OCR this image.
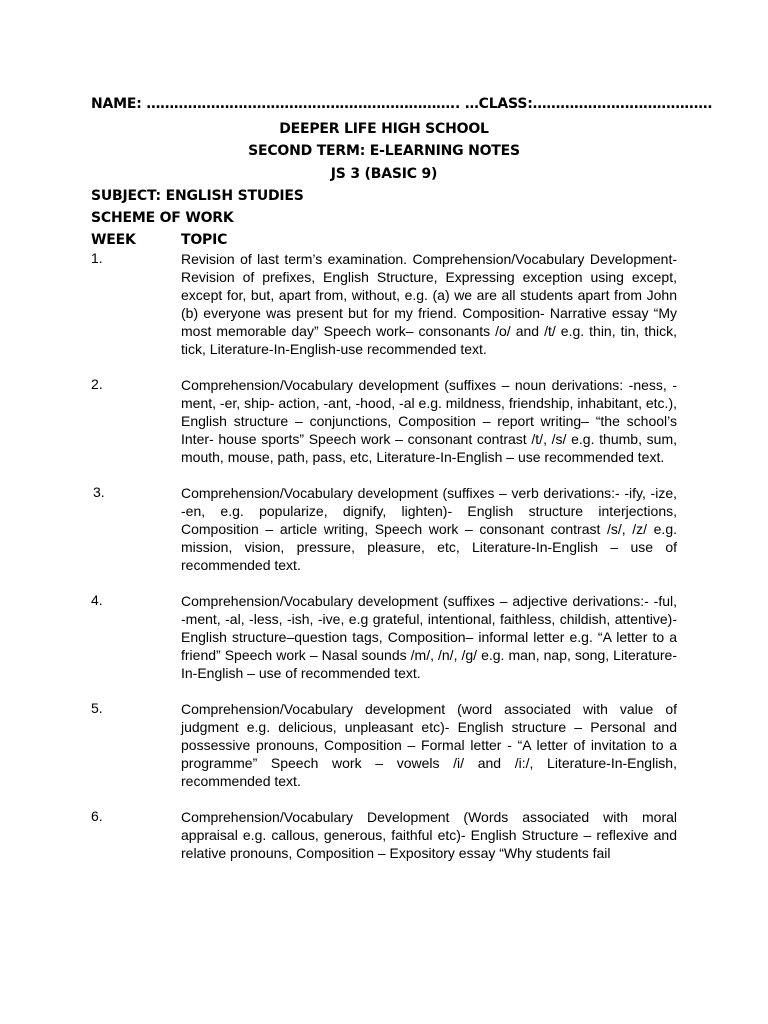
NAME: ………………………………………………………….. …CLASS:…………………………………
DEEPER LIFE HIGH SCHOOL
SECOND TERM: E-LEARNING NOTES
JS 3 (BASIC 9)
SUBJECT: ENGLISH STUDIES
SCHEME OF WORK
WEEK	TOPIC
1.	Revision of last term’s examination. Comprehension/Vocabulary Development- Revision of prefixes, English Structure, Expressing exception using except, except for, but, apart from, without, e.g. (a) we are all students apart from John (b) everyone was present but for my friend. Composition- Narrative essay “My most memorable day” Speech work– consonants /o/ and /t/ e.g. thin, tin, thick, tick, Literature-In-English-use recommended text.
2.	Comprehension/Vocabulary development (suffixes – noun derivations: -ness, -ment, -er, ship- action, -ant, -hood, -al e.g. mildness, friendship, inhabitant, etc.), English structure – conjunctions, Composition – report writing– “the school’s Inter- house sports” Speech work – consonant contrast /t/, /s/ e.g. thumb, sum, mouth, mouse, path, pass, etc, Literature-In-English – use recommended text.
3.	Comprehension/Vocabulary development (suffixes – verb derivations:- -ify, -ize, -en, e.g. popularize, dignify, lighten)- English structure interjections, Composition – article writing, Speech work – consonant contrast /s/, /z/ e.g. mission, vision, pressure, pleasure, etc, Literature-In-English – use of recommended text.
4.	Comprehension/Vocabulary development (suffixes – adjective derivations:- -ful, -ment, -al, -less, -ish, -ive, e.g grateful, intentional, faithless, childish, attentive)- English structure–question tags, Composition– informal letter e.g. “A letter to a friend” Speech work – Nasal sounds /m/, /n/, /g/ e.g. man, nap, song, Literature-In-English – use of recommended text.
5.	Comprehension/Vocabulary development (word associated with value of judgment e.g. delicious, unpleasant etc)- English structure – Personal and possessive pronouns, Composition – Formal letter - “A letter of invitation to a programme” Speech work – vowels /i/ and /i:/, Literature-In-English, recommended text.
6.	Comprehension/Vocabulary Development (Words associated with moral appraisal e.g. callous, generous, faithful etc)- English Structure – reflexive and relative pronouns, Composition – Expository essay “Why students fail
